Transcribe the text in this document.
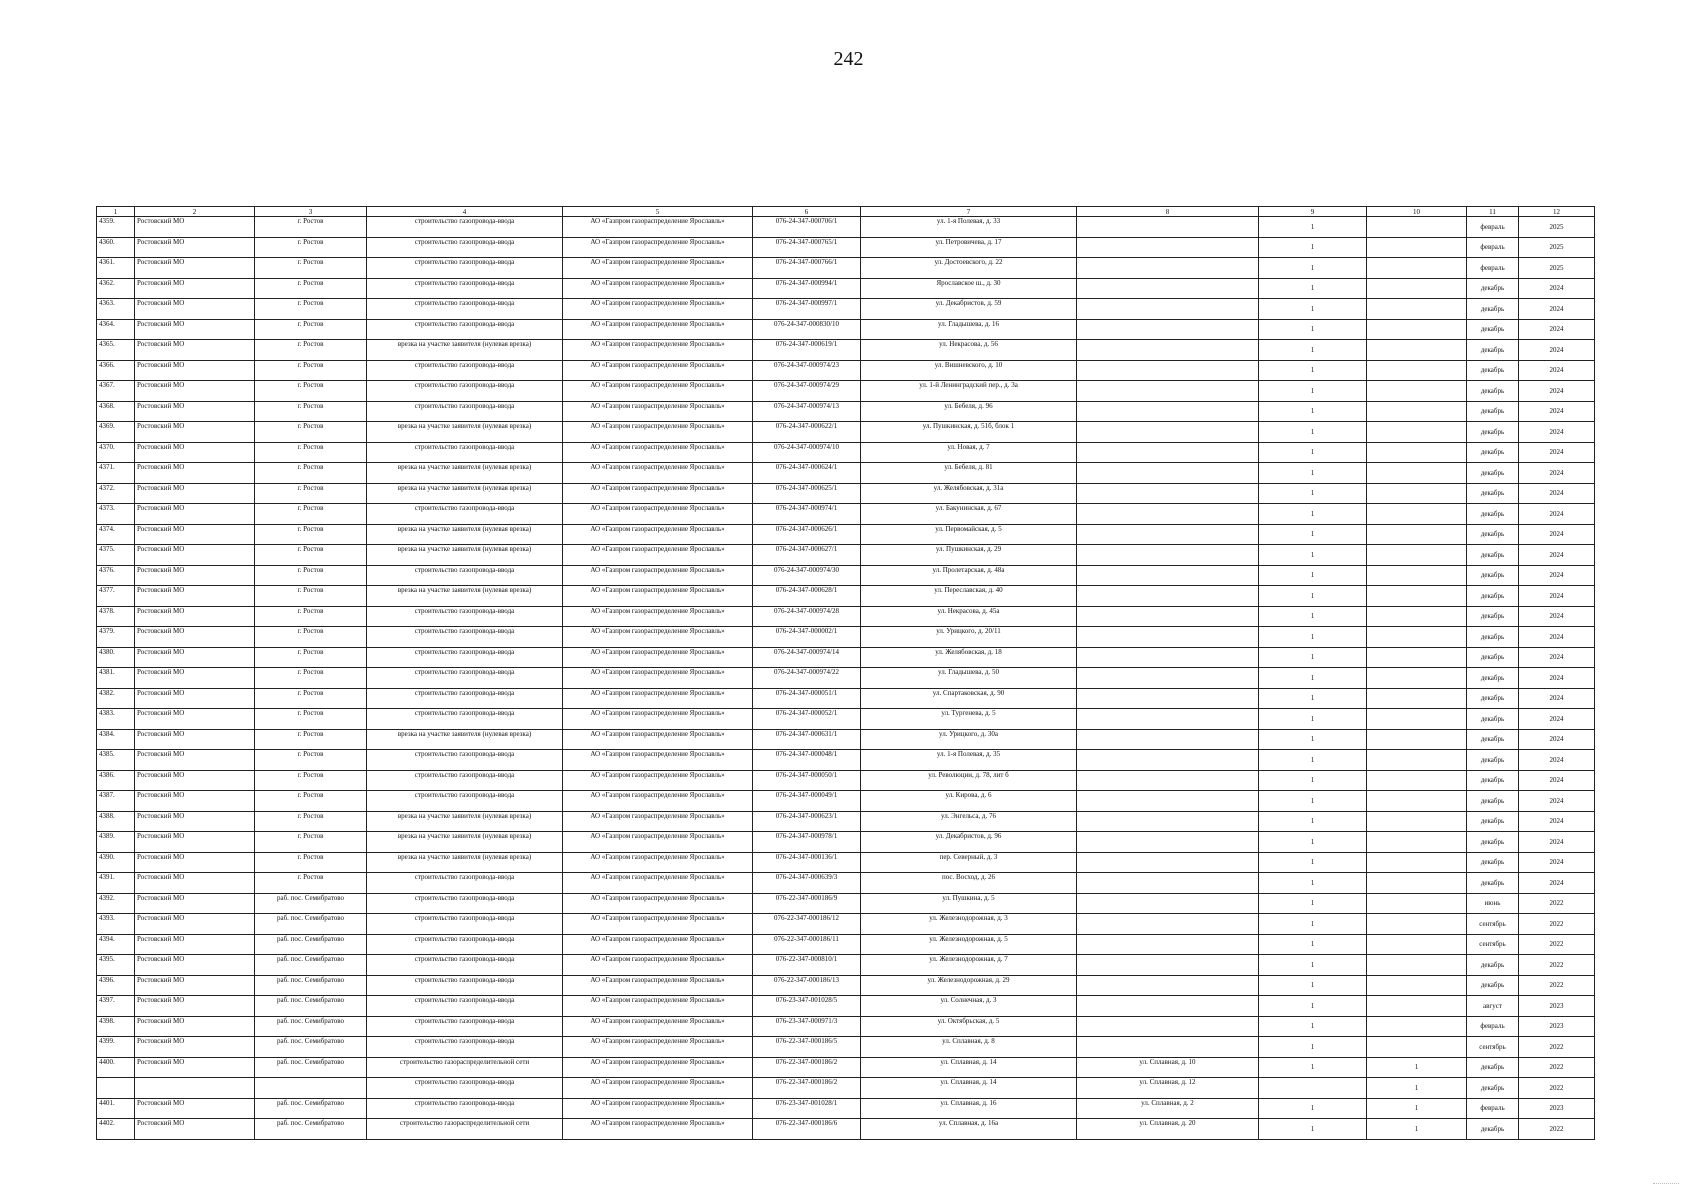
242
1	2	3	4	5	6	7	8	9	10	11	12
4359.	Ростовский МО	г. Ростов	строительство газопровода-ввода	АО «Газпром газораспределение Ярославль»	076-24-347-000706/1	ул. 1-я Полевая, д. 33		1		февраль	2025
4360.	Ростовский МО	г. Ростов	строительство газопровода-ввода	АО «Газпром газораспределение Ярославль»	076-24-347-000765/1	ул. Петровичева, д. 17		1		февраль	2025
4361.	Ростовский МО	г. Ростов	строительство газопровода-ввода	АО «Газпром газораспределение Ярославль»	076-24-347-000766/1	ул. Достоевского, д. 22		1		февраль	2025
4362.	Ростовский МО	г. Ростов	строительство газопровода-ввода	АО «Газпром газораспределение Ярославль»	076-24-347-000994/1	Ярославское ш., д. 30		1		декабрь	2024
4363.	Ростовский МО	г. Ростов	строительство газопровода-ввода	АО «Газпром газораспределение Ярославль»	076-24-347-000997/1	ул. Декабристов, д. 59		1		декабрь	2024
4364.	Ростовский МО	г. Ростов	строительство газопровода-ввода	АО «Газпром газораспределение Ярославль»	076-24-347-000830/10	ул. Гладышева, д. 16		1		декабрь	2024
4365.	Ростовский МО	г. Ростов	врезка на участке заявителя (нулевая врезка)	АО «Газпром газораспределение Ярославль»	076-24-347-000619/1	ул. Некрасова, д. 56		1		декабрь	2024
4366.	Ростовский МО	г. Ростов	строительство газопровода-ввода	АО «Газпром газораспределение Ярославль»	076-24-347-000974/23	ул. Вишневского, д. 10		1		декабрь	2024
4367.	Ростовский МО	г. Ростов	строительство газопровода-ввода	АО «Газпром газораспределение Ярославль»	076-24-347-000974/29	ул. 1-й Ленинградский пер., д. 3а		1		декабрь	2024
4368.	Ростовский МО	г. Ростов	строительство газопровода-ввода	АО «Газпром газораспределение Ярославль»	076-24-347-000974/13	ул. Бебеля, д. 96		1		декабрь	2024
4369.	Ростовский МО	г. Ростов	врезка на участке заявителя (нулевая врезка)	АО «Газпром газораспределение Ярославль»	076-24-347-000622/1	ул. Пушкинская, д. 51б, блок 1		1		декабрь	2024
4370.	Ростовский МО	г. Ростов	строительство газопровода-ввода	АО «Газпром газораспределение Ярославль»	076-24-347-000974/10	ул. Новая, д. 7		1		декабрь	2024
4371.	Ростовский МО	г. Ростов	врезка на участке заявителя (нулевая врезка)	АО «Газпром газораспределение Ярославль»	076-24-347-000624/1	ул. Бебеля, д. 81		1		декабрь	2024
4372.	Ростовский МО	г. Ростов	врезка на участке заявителя (нулевая врезка)	АО «Газпром газораспределение Ярославль»	076-24-347-000625/1	ул. Желябовская, д. 31а		1		декабрь	2024
4373.	Ростовский МО	г. Ростов	строительство газопровода-ввода	АО «Газпром газораспределение Ярославль»	076-24-347-000974/1	ул. Бакунинская, д. 67		1		декабрь	2024
4374.	Ростовский МО	г. Ростов	врезка на участке заявителя (нулевая врезка)	АО «Газпром газораспределение Ярославль»	076-24-347-000626/1	ул. Первомайская, д. 5		1		декабрь	2024
4375.	Ростовский МО	г. Ростов	врезка на участке заявителя (нулевая врезка)	АО «Газпром газораспределение Ярославль»	076-24-347-000627/1	ул. Пушкинская, д. 29		1		декабрь	2024
4376.	Ростовский МО	г. Ростов	строительство газопровода-ввода	АО «Газпром газораспределение Ярославль»	076-24-347-000974/30	ул. Пролетарская, д. 48а		1		декабрь	2024
4377.	Ростовский МО	г. Ростов	врезка на участке заявителя (нулевая врезка)	АО «Газпром газораспределение Ярославль»	076-24-347-000628/1	ул. Переславская, д. 40		1		декабрь	2024
4378.	Ростовский МО	г. Ростов	строительство газопровода-ввода	АО «Газпром газораспределение Ярославль»	076-24-347-000974/28	ул. Некрасова, д. 45а		1		декабрь	2024
4379.	Ростовский МО	г. Ростов	строительство газопровода-ввода	АО «Газпром газораспределение Ярославль»	076-24-347-000002/1	ул. Урицкого, д. 20/11		1		декабрь	2024
4380.	Ростовский МО	г. Ростов	строительство газопровода-ввода	АО «Газпром газораспределение Ярославль»	076-24-347-000974/14	ул. Желябовская, д. 18		1		декабрь	2024
4381.	Ростовский МО	г. Ростов	строительство газопровода-ввода	АО «Газпром газораспределение Ярославль»	076-24-347-000974/22	ул. Гладышева, д. 50		1		декабрь	2024
4382.	Ростовский МО	г. Ростов	строительство газопровода-ввода	АО «Газпром газораспределение Ярославль»	076-24-347-000051/1	ул. Спартаковская, д. 90		1		декабрь	2024
4383.	Ростовский МО	г. Ростов	строительство газопровода-ввода	АО «Газпром газораспределение Ярославль»	076-24-347-000052/1	ул. Тургенева, д. 5		1		декабрь	2024
4384.	Ростовский МО	г. Ростов	врезка на участке заявителя (нулевая врезка)	АО «Газпром газораспределение Ярославль»	076-24-347-000631/1	ул. Урицкого, д. 30а		1		декабрь	2024
4385.	Ростовский МО	г. Ростов	строительство газопровода-ввода	АО «Газпром газораспределение Ярославль»	076-24-347-000048/1	ул. 1-я Полевая, д. 35		1		декабрь	2024
4386.	Ростовский МО	г. Ростов	строительство газопровода-ввода	АО «Газпром газораспределение Ярославль»	076-24-347-000050/1	ул. Революции, д. 78, лит б		1		декабрь	2024
4387.	Ростовский МО	г. Ростов	строительство газопровода-ввода	АО «Газпром газораспределение Ярославль»	076-24-347-000049/1	ул. Кирова, д. 6		1		декабрь	2024
4388.	Ростовский МО	г. Ростов	врезка на участке заявителя (нулевая врезка)	АО «Газпром газораспределение Ярославль»	076-24-347-000623/1	ул. Энгельса, д. 76		1		декабрь	2024
4389.	Ростовский МО	г. Ростов	врезка на участке заявителя (нулевая врезка)	АО «Газпром газораспределение Ярославль»	076-24-347-000978/1	ул. Декабристов, д. 96		1		декабрь	2024
4390.	Ростовский МО	г. Ростов	врезка на участке заявителя (нулевая врезка)	АО «Газпром газораспределение Ярославль»	076-24-347-000136/1	пер. Северный, д. 3		1		декабрь	2024
4391.	Ростовский МО	г. Ростов	строительство газопровода-ввода	АО «Газпром газораспределение Ярославль»	076-24-347-000639/3	пос. Восход, д. 26		1		декабрь	2024
4392.	Ростовский МО	раб. пос. Семибратово	строительство газопровода-ввода	АО «Газпром газораспределение Ярославль»	076-22-347-000186/9	ул. Пушкина, д. 5		1		июнь	2022
4393.	Ростовский МО	раб. пос. Семибратово	строительство газопровода-ввода	АО «Газпром газораспределение Ярославль»	076-22-347-000186/12	ул. Железнодорожная, д. 3		1		сентябрь	2022
4394.	Ростовский МО	раб. пос. Семибратово	строительство газопровода-ввода	АО «Газпром газораспределение Ярославль»	076-22-347-000186/11	ул. Железнодорожная, д. 5		1		сентябрь	2022
4395.	Ростовский МО	раб. пос. Семибратово	строительство газопровода-ввода	АО «Газпром газораспределение Ярославль»	076-22-347-000810/1	ул. Железнодорожная, д. 7		1		декабрь	2022
4396.	Ростовский МО	раб. пос. Семибратово	строительство газопровода-ввода	АО «Газпром газораспределение Ярославль»	076-22-347-000186/13	ул. Железнодорожная, д. 29		1		декабрь	2022
4397.	Ростовский МО	раб. пос. Семибратово	строительство газопровода-ввода	АО «Газпром газораспределение Ярославль»	076-23-347-001028/5	ул. Солнечная, д. 3		1		август	2023
4398.	Ростовский МО	раб. пос. Семибратово	строительство газопровода-ввода	АО «Газпром газораспределение Ярославль»	076-23-347-000971/3	ул. Октябрьская, д. 5		1		февраль	2023
4399.	Ростовский МО	раб. пос. Семибратово	строительство газопровода-ввода	АО «Газпром газораспределение Ярославль»	076-22-347-000186/5	ул. Сплавная, д. 8		1		сентябрь	2022
4400.	Ростовский МО	раб. пос. Семибратово	строительство газораспределительной сети	АО «Газпром газораспределение Ярославль»	076-22-347-000186/2	ул. Сплавная, д. 14	ул. Сплавная, д. 10	1	1	декабрь	2022
			строительство газопровода-ввода	АО «Газпром газораспределение Ярославль»	076-22-347-000186/2	ул. Сплавная, д. 14	ул. Сплавная, д. 12		1	декабрь	2022
4401.	Ростовский МО	раб. пос. Семибратово	строительство газопровода-ввода	АО «Газпром газораспределение Ярославль»	076-23-347-001028/1	ул. Сплавная, д. 16	ул. Сплавная, д. 2	1	1	февраль	2023
4402.	Ростовский МО	раб. пос. Семибратово	строительство газораспределительной сети	АО «Газпром газораспределение Ярославль»	076-22-347-000186/6	ул. Сплавная, д. 16а	ул. Сплавная, д. 20	1	1	декабрь	2022
